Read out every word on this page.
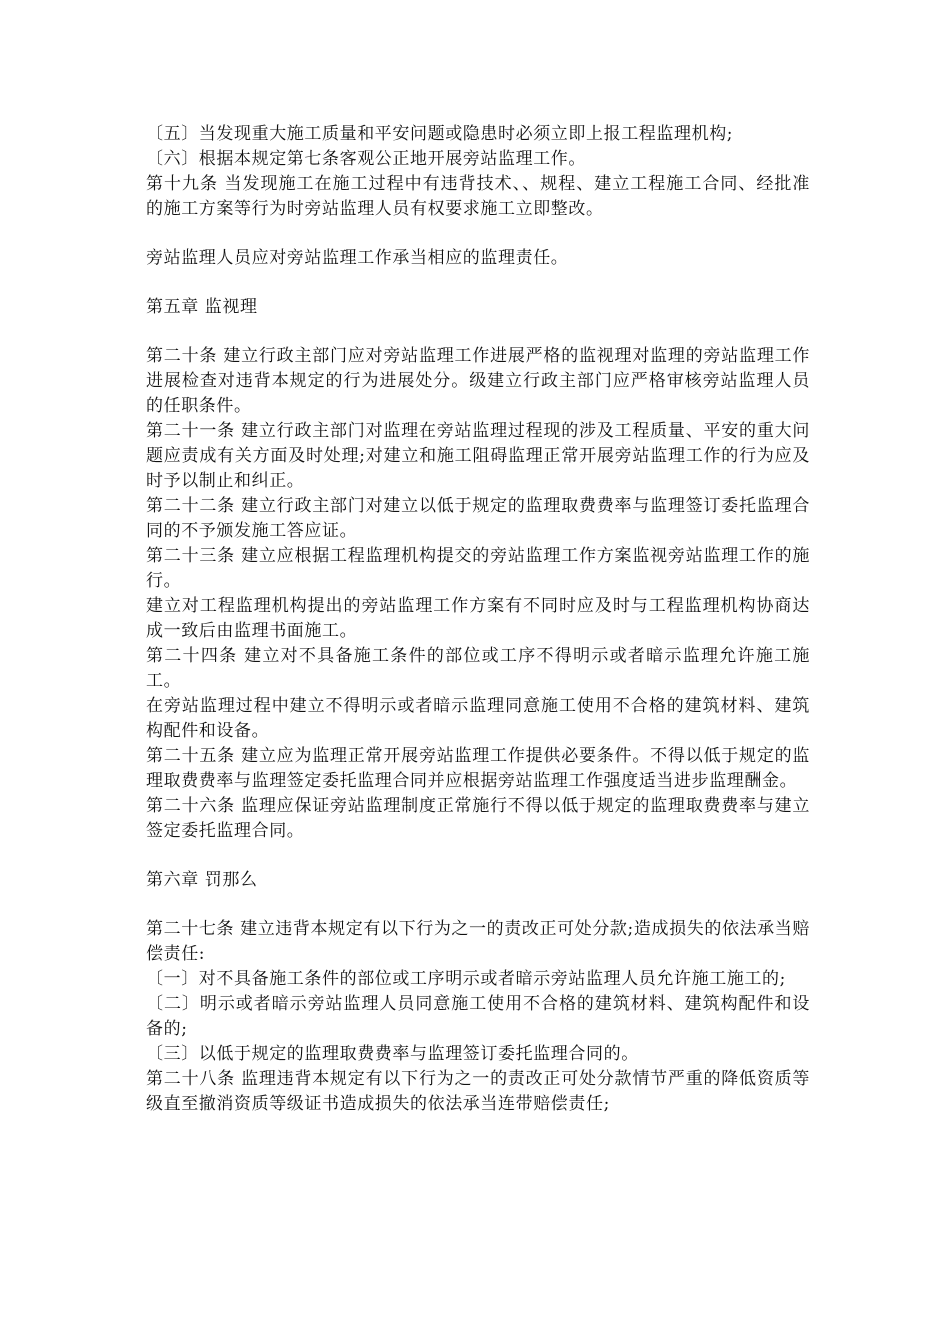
〔五〕当发现重大施工质量和平安问题或隐患时必须立即上报工程监理机构;

〔六〕根据本规定第七条客观公正地开展旁站监理工作。

第十九条 当发现施工在施工过程中有违背技术、、规程、建立工程施工合同、经批准的施工方案等行为时旁站监理人员有权要求施工立即整改。

旁站监理人员应对旁站监理工作承当相应的监理责任。

第五章 监视理

第二十条 建立行政主部门应对旁站监理工作进展严格的监视理对监理的旁站监理工作进展检查对违背本规定的行为进展处分。级建立行政主部门应严格审核旁站监理人员的任职条件。

第二十一条 建立行政主部门对监理在旁站监理过程现的涉及工程质量、平安的重大问题应责成有关方面及时处理;对建立和施工阻碍监理正常开展旁站监理工作的行为应及时予以制止和纠正。

第二十二条 建立行政主部门对建立以低于规定的监理取费费率与监理签订委托监理合同的不予颁发施工答应证。

第二十三条 建立应根据工程监理机构提交的旁站监理工作方案监视旁站监理工作的施行。

建立对工程监理机构提出的旁站监理工作方案有不同时应及时与工程监理机构协商达成一致后由监理书面施工。

第二十四条 建立对不具备施工条件的部位或工序不得明示或者暗示监理允许施工施工。

在旁站监理过程中建立不得明示或者暗示监理同意施工使用不合格的建筑材料、建筑构配件和设备。

第二十五条 建立应为监理正常开展旁站监理工作提供必要条件。不得以低于规定的监理取费费率与监理签定委托监理合同并应根据旁站监理工作强度适当进步监理酬金。

第二十六条 监理应保证旁站监理制度正常施行不得以低于规定的监理取费费率与建立签定委托监理合同。

第六章 罚那么

第二十七条 建立违背本规定有以下行为之一的责改正可处分款;造成损失的依法承当赔偿责任:

〔一〕对不具备施工条件的部位或工序明示或者暗示旁站监理人员允许施工施工的;

〔二〕明示或者暗示旁站监理人员同意施工使用不合格的建筑材料、建筑构配件和设备的;

〔三〕以低于规定的监理取费费率与监理签订委托监理合同的。

第二十八条 监理违背本规定有以下行为之一的责改正可处分款情节严重的降低资质等级直至撤消资质等级证书造成损失的依法承当连带赔偿责任;
